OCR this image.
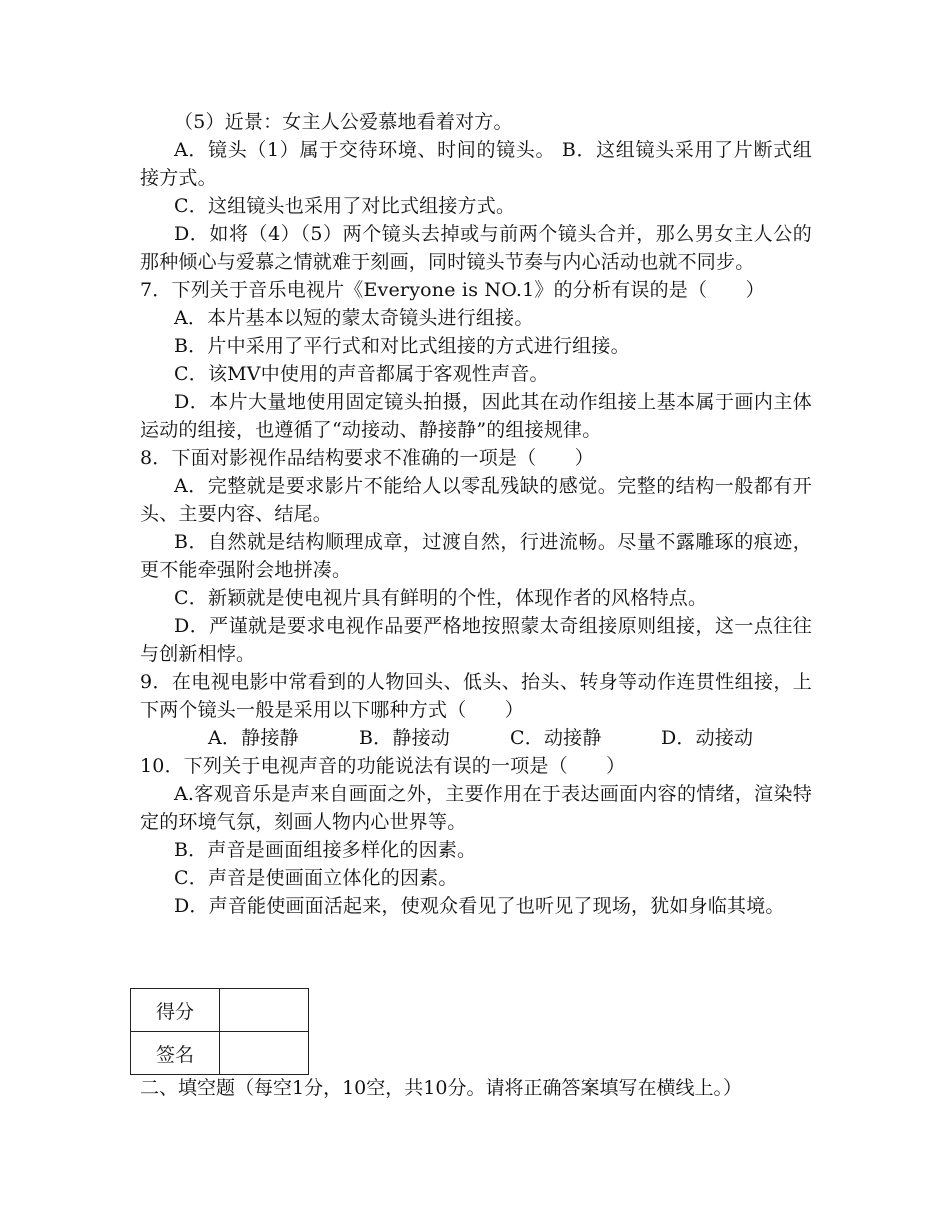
（5）近景：女主人公爱慕地看着对方。
A．镜头（1）属于交待环境、时间的镜头。 B．这组镜头采用了片断式组接方式。
C．这组镜头也采用了对比式组接方式。
D．如将（4）（5）两个镜头去掉或与前两个镜头合并，那么男女主人公的那种倾心与爱慕之情就难于刻画，同时镜头节奏与内心活动也就不同步。
7．下列关于音乐电视片《Everyone is NO.1》的分析有误的是（　　）
A．本片基本以短的蒙太奇镜头进行组接。
B．片中采用了平行式和对比式组接的方式进行组接。
C．该MV中使用的声音都属于客观性声音。
D．本片大量地使用固定镜头拍摄，因此其在动作组接上基本属于画内主体运动的组接，也遵循了“动接动、静接静”的组接规律。
8．下面对影视作品结构要求不准确的一项是（　　）
A．完整就是要求影片不能给人以零乱残缺的感觉。完整的结构一般都有开头、主要内容、结尾。
B．自然就是结构顺理成章，过渡自然，行进流畅。尽量不露雕琢的痕迹，更不能牵强附会地拼凑。
C．新颖就是使电视片具有鲜明的个性，体现作者的风格特点。
D．严谨就是要求电视作品要严格地按照蒙太奇组接原则组接，这一点往往与创新相悖。
9．在电视电影中常看到的人物回头、低头、抬头、转身等动作连贯性组接，上下两个镜头一般是采用以下哪种方式（　　）
A．静接静	B．静接动	C．动接静	D．动接动
10．下列关于电视声音的功能说法有误的一项是（　　）
A.客观音乐是声来自画面之外，主要作用在于表达画面内容的情绪，渲染特定的环境气氛，刻画人物内心世界等。
B．声音是画面组接多样化的因素。
C．声音是使画面立体化的因素。
D．声音能使画面活起来，使观众看见了也听见了现场，犹如身临其境。
得分	
签名	
二、填空题（每空1分，10空，共10分。请将正确答案填写在横线上。）
